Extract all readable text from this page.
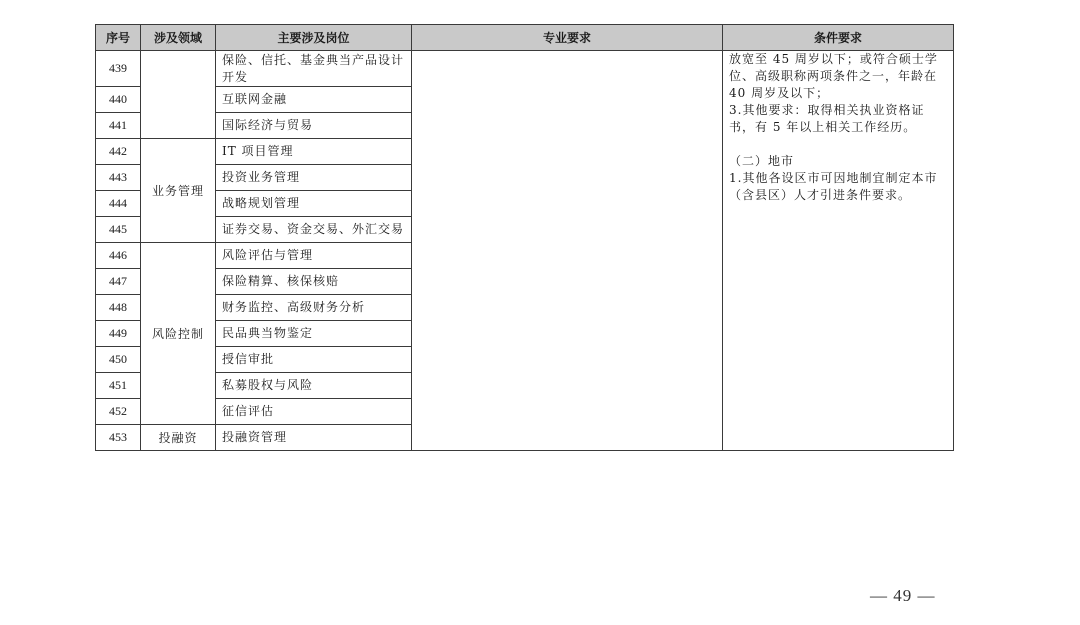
序号	涉及领域	主要涉及岗位	专业要求	条件要求
439		保险、信托、基金典当产品设计开发		放宽至 45 周岁以下；或符合硕士学位、高级职称两项条件之一，年龄在 40 周岁及以下；
3.其他要求：取得相关执业资格证书，有 5 年以上相关工作经历。
（二）地市
1.其他各设区市可因地制宜制定本市（含县区）人才引进条件要求。

440		互联网金融		
441		国际经济与贸易		
442	业务管理	IT 项目管理		
443		投资业务管理		
444		战略规划管理		
445		证券交易、资金交易、外汇交易		
446	风险控制	风险评估与管理		
447		保险精算、核保核赔		
448		财务监控、高级财务分析		
449		民品典当物鉴定		
450		授信审批		
451		私募股权与风险		
452		征信评估		
453	投融资	投融资管理		
— 49 —
